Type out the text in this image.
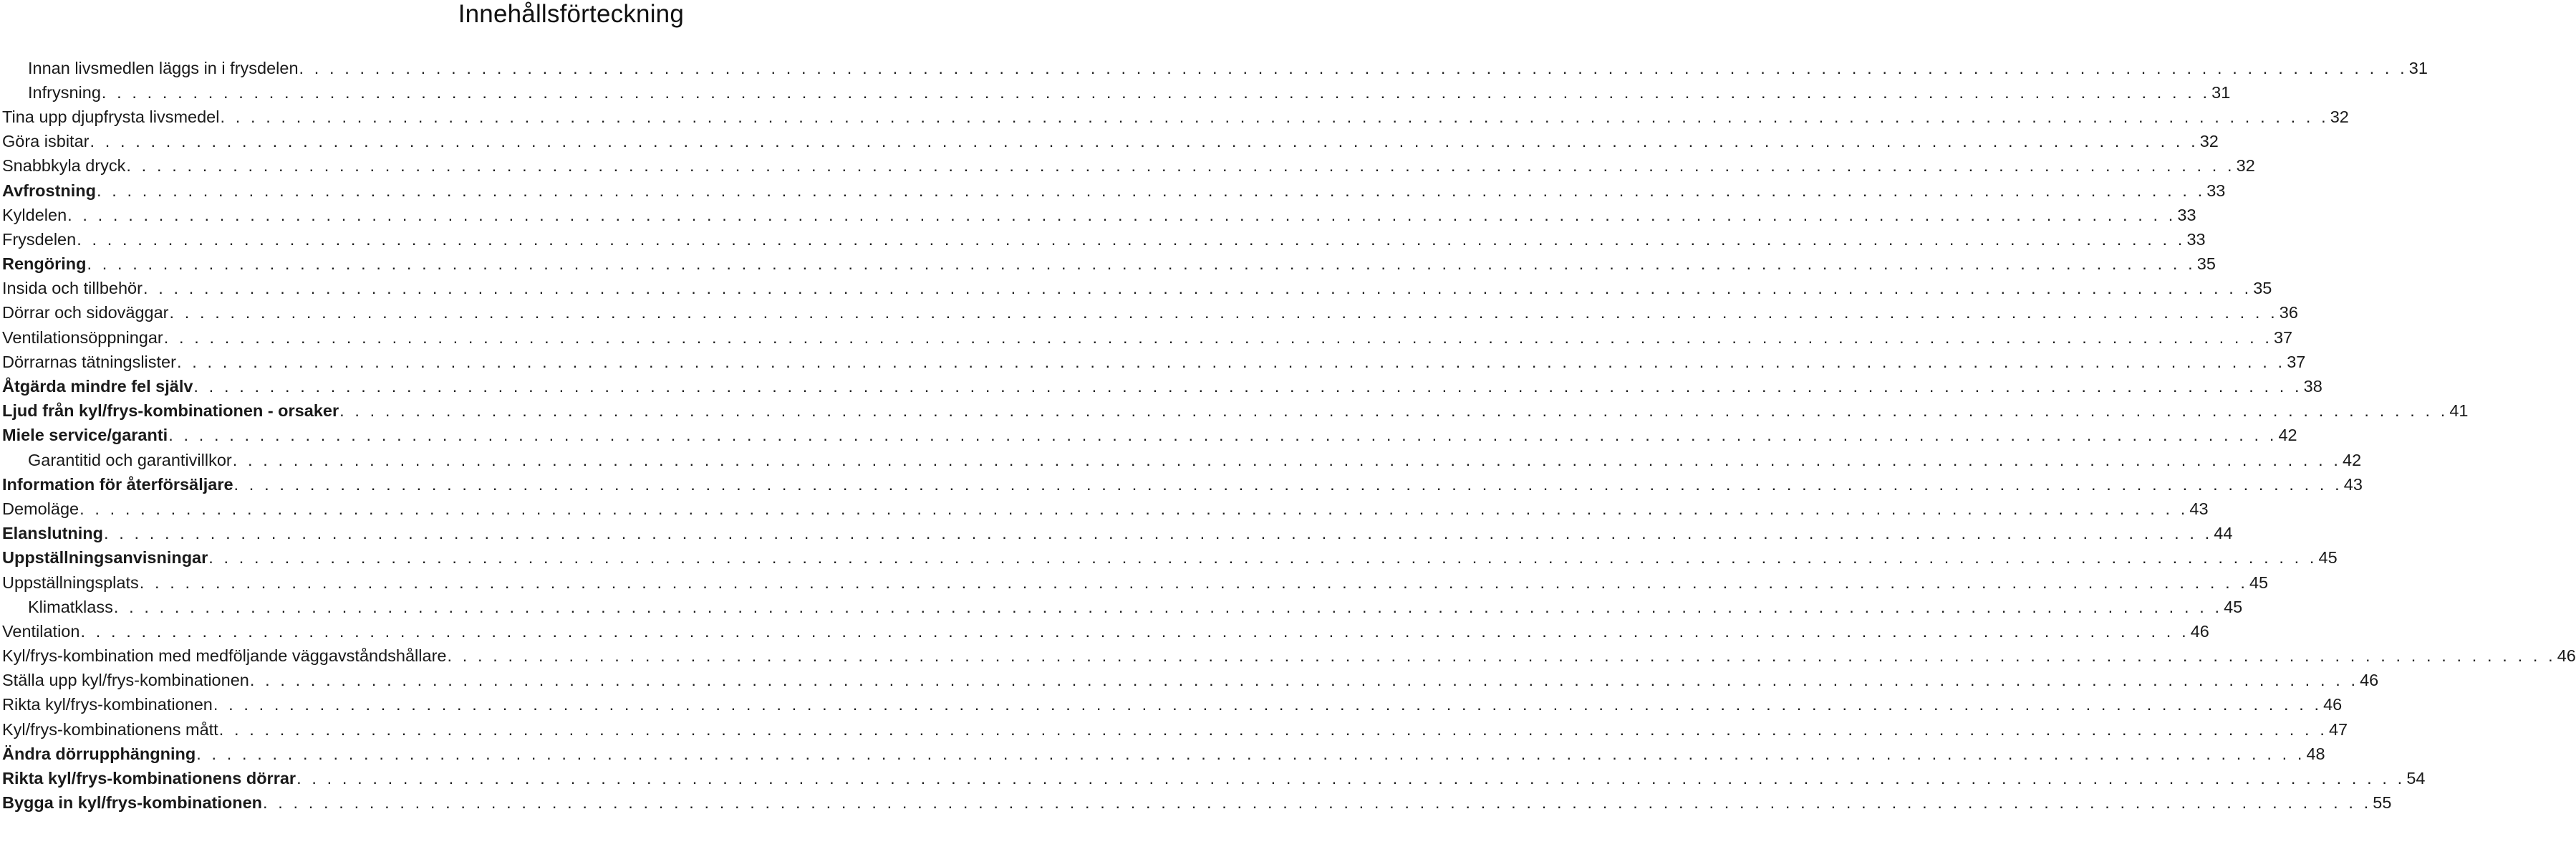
Innehållsförteckning
Innan livsmedlen läggs in i frysdelen . . . . . . . . . . . . . . . . . . . . . . . . . . . . . . . . . . . . . . . . . . . . . . . . . . . . . . . . . . . . . . . . . . . . . . . . . . . . . . . . . . . . . . . . . . . . . . . . . . . . . . . . . . . . . . . . . . . . . . . . . . . . . . . . . . . . . . . . . . . 31
Infrysning . . . . . . . . . . . . . . . . . . . . . . . . . . . . . . . . . . . . . . . . . . . . . . . . . . . . . . . . . . . . . . . . . . . . . . . . . . . . . . . . . . . . . . . . . . . . . . . . . . . . . . . . . . . . . . . . . . . . . . . . . . . . . . . . . . . . . . . . . . . 31
Tina upp djupfrysta livsmedel . . . . . . . . . . . . . . . . . . . . . . . . . . . . . . . . . . . . . . . . . . . . . . . . . . . . . . . . . . . . . . . . . . . . . . . . . . . . . . . . . . . . . . . . . . . . . . . . . . . . . . . . . . . . . . . . . . . . . . . . . . . . . . . . . . . . . . . . . . . 32
Göra isbitar . . . . . . . . . . . . . . . . . . . . . . . . . . . . . . . . . . . . . . . . . . . . . . . . . . . . . . . . . . . . . . . . . . . . . . . . . . . . . . . . . . . . . . . . . . . . . . . . . . . . . . . . . . . . . . . . . . . . . . . . . . . . . . . . . . . . . . . . . . . 32
Snabbkyla dryck . . . . . . . . . . . . . . . . . . . . . . . . . . . . . . . . . . . . . . . . . . . . . . . . . . . . . . . . . . . . . . . . . . . . . . . . . . . . . . . . . . . . . . . . . . . . . . . . . . . . . . . . . . . . . . . . . . . . . . . . . . . . . . . . . . . . . . . . . . . 32
Avfrostning . . . . . . . . . . . . . . . . . . . . . . . . . . . . . . . . . . . . . . . . . . . . . . . . . . . . . . . . . . . . . . . . . . . . . . . . . . . . . . . . . . . . . . . . . . . . . . . . . . . . . . . . . . . . . . . . . . . . . . . . . . . . . . . . . . . . . . . . . . . 33
Kyldelen . . . . . . . . . . . . . . . . . . . . . . . . . . . . . . . . . . . . . . . . . . . . . . . . . . . . . . . . . . . . . . . . . . . . . . . . . . . . . . . . . . . . . . . . . . . . . . . . . . . . . . . . . . . . . . . . . . . . . . . . . . . . . . . . . . . . . . . . . . . 33
Frysdelen . . . . . . . . . . . . . . . . . . . . . . . . . . . . . . . . . . . . . . . . . . . . . . . . . . . . . . . . . . . . . . . . . . . . . . . . . . . . . . . . . . . . . . . . . . . . . . . . . . . . . . . . . . . . . . . . . . . . . . . . . . . . . . . . . . . . . . . . . . . 33
Rengöring . . . . . . . . . . . . . . . . . . . . . . . . . . . . . . . . . . . . . . . . . . . . . . . . . . . . . . . . . . . . . . . . . . . . . . . . . . . . . . . . . . . . . . . . . . . . . . . . . . . . . . . . . . . . . . . . . . . . . . . . . . . . . . . . . . . . . . . . . . . 35
Insida och tillbehör . . . . . . . . . . . . . . . . . . . . . . . . . . . . . . . . . . . . . . . . . . . . . . . . . . . . . . . . . . . . . . . . . . . . . . . . . . . . . . . . . . . . . . . . . . . . . . . . . . . . . . . . . . . . . . . . . . . . . . . . . . . . . . . . . . . . . . . . . . . 35
Dörrar och sidoväggar . . . . . . . . . . . . . . . . . . . . . . . . . . . . . . . . . . . . . . . . . . . . . . . . . . . . . . . . . . . . . . . . . . . . . . . . . . . . . . . . . . . . . . . . . . . . . . . . . . . . . . . . . . . . . . . . . . . . . . . . . . . . . . . . . . . . . . . . . . . 36
Ventilationsöppningar . . . . . . . . . . . . . . . . . . . . . . . . . . . . . . . . . . . . . . . . . . . . . . . . . . . . . . . . . . . . . . . . . . . . . . . . . . . . . . . . . . . . . . . . . . . . . . . . . . . . . . . . . . . . . . . . . . . . . . . . . . . . . . . . . . . . . . . . . . . 37
Dörrarnas tätningslister . . . . . . . . . . . . . . . . . . . . . . . . . . . . . . . . . . . . . . . . . . . . . . . . . . . . . . . . . . . . . . . . . . . . . . . . . . . . . . . . . . . . . . . . . . . . . . . . . . . . . . . . . . . . . . . . . . . . . . . . . . . . . . . . . . . . . . . . . . . 37
Åtgärda mindre fel själv . . . . . . . . . . . . . . . . . . . . . . . . . . . . . . . . . . . . . . . . . . . . . . . . . . . . . . . . . . . . . . . . . . . . . . . . . . . . . . . . . . . . . . . . . . . . . . . . . . . . . . . . . . . . . . . . . . . . . . . . . . . . . . . . . . . . . . . . . . . 38
Ljud från kyl/frys-kombinationen - orsaker . . . . . . . . . . . . . . . . . . . . . . . . . . . . . . . . . . . . . . . . . . . . . . . . . . . . . . . . . . . . . . . . . . . . . . . . . . . . . . . . . . . . . . . . . . . . . . . . . . . . . . . . . . . . . . . . . . . . . . . . . . . . . . . . . . . . . . . . . . . 41
Miele service/garanti . . . . . . . . . . . . . . . . . . . . . . . . . . . . . . . . . . . . . . . . . . . . . . . . . . . . . . . . . . . . . . . . . . . . . . . . . . . . . . . . . . . . . . . . . . . . . . . . . . . . . . . . . . . . . . . . . . . . . . . . . . . . . . . . . . . . . . . . . . . 42
Garantitid och garantivillkor . . . . . . . . . . . . . . . . . . . . . . . . . . . . . . . . . . . . . . . . . . . . . . . . . . . . . . . . . . . . . . . . . . . . . . . . . . . . . . . . . . . . . . . . . . . . . . . . . . . . . . . . . . . . . . . . . . . . . . . . . . . . . . . . . . . . . . . . . . . 42
Information för återförsäljare . . . . . . . . . . . . . . . . . . . . . . . . . . . . . . . . . . . . . . . . . . . . . . . . . . . . . . . . . . . . . . . . . . . . . . . . . . . . . . . . . . . . . . . . . . . . . . . . . . . . . . . . . . . . . . . . . . . . . . . . . . . . . . . . . . . . . . . . . . . 43
Demoläge . . . . . . . . . . . . . . . . . . . . . . . . . . . . . . . . . . . . . . . . . . . . . . . . . . . . . . . . . . . . . . . . . . . . . . . . . . . . . . . . . . . . . . . . . . . . . . . . . . . . . . . . . . . . . . . . . . . . . . . . . . . . . . . . . . . . . . . . . . . 43
Elanslutning . . . . . . . . . . . . . . . . . . . . . . . . . . . . . . . . . . . . . . . . . . . . . . . . . . . . . . . . . . . . . . . . . . . . . . . . . . . . . . . . . . . . . . . . . . . . . . . . . . . . . . . . . . . . . . . . . . . . . . . . . . . . . . . . . . . . . . . . . . . 44
Uppställningsanvisningar . . . . . . . . . . . . . . . . . . . . . . . . . . . . . . . . . . . . . . . . . . . . . . . . . . . . . . . . . . . . . . . . . . . . . . . . . . . . . . . . . . . . . . . . . . . . . . . . . . . . . . . . . . . . . . . . . . . . . . . . . . . . . . . . . . . . . . . . . . . 45
Uppställningsplats . . . . . . . . . . . . . . . . . . . . . . . . . . . . . . . . . . . . . . . . . . . . . . . . . . . . . . . . . . . . . . . . . . . . . . . . . . . . . . . . . . . . . . . . . . . . . . . . . . . . . . . . . . . . . . . . . . . . . . . . . . . . . . . . . . . . . . . . . . . 45
Klimatklass . . . . . . . . . . . . . . . . . . . . . . . . . . . . . . . . . . . . . . . . . . . . . . . . . . . . . . . . . . . . . . . . . . . . . . . . . . . . . . . . . . . . . . . . . . . . . . . . . . . . . . . . . . . . . . . . . . . . . . . . . . . . . . . . . . . . . . . . . . . 45
Ventilation . . . . . . . . . . . . . . . . . . . . . . . . . . . . . . . . . . . . . . . . . . . . . . . . . . . . . . . . . . . . . . . . . . . . . . . . . . . . . . . . . . . . . . . . . . . . . . . . . . . . . . . . . . . . . . . . . . . . . . . . . . . . . . . . . . . . . . . . . . . 46
Kyl/frys-kombination med medföljande väggavståndshållare . . . . . . . . . . . . . . . . . . . . . . . . . . . . . . . . . . . . . . . . . . . . . . . . . . . . . . . . . . . . . . . . . . . . . . . . . . . . . . . . . . . . . . . . . . . . . . . . . . . . . . . . . . . . . . . . . . . . . . . . . . . . . . . . . . . . . . . . . . . 46
Ställa upp kyl/frys-kombinationen . . . . . . . . . . . . . . . . . . . . . . . . . . . . . . . . . . . . . . . . . . . . . . . . . . . . . . . . . . . . . . . . . . . . . . . . . . . . . . . . . . . . . . . . . . . . . . . . . . . . . . . . . . . . . . . . . . . . . . . . . . . . . . . . . . . . . . . . . . . 46
Rikta kyl/frys-kombinationen . . . . . . . . . . . . . . . . . . . . . . . . . . . . . . . . . . . . . . . . . . . . . . . . . . . . . . . . . . . . . . . . . . . . . . . . . . . . . . . . . . . . . . . . . . . . . . . . . . . . . . . . . . . . . . . . . . . . . . . . . . . . . . . . . . . . . . . . . . . 46
Kyl/frys-kombinationens mått . . . . . . . . . . . . . . . . . . . . . . . . . . . . . . . . . . . . . . . . . . . . . . . . . . . . . . . . . . . . . . . . . . . . . . . . . . . . . . . . . . . . . . . . . . . . . . . . . . . . . . . . . . . . . . . . . . . . . . . . . . . . . . . . . . . . . . . . . . . 47
Ändra dörrupphängning . . . . . . . . . . . . . . . . . . . . . . . . . . . . . . . . . . . . . . . . . . . . . . . . . . . . . . . . . . . . . . . . . . . . . . . . . . . . . . . . . . . . . . . . . . . . . . . . . . . . . . . . . . . . . . . . . . . . . . . . . . . . . . . . . . . . . . . . . . . 48
Rikta kyl/frys-kombinationens dörrar . . . . . . . . . . . . . . . . . . . . . . . . . . . . . . . . . . . . . . . . . . . . . . . . . . . . . . . . . . . . . . . . . . . . . . . . . . . . . . . . . . . . . . . . . . . . . . . . . . . . . . . . . . . . . . . . . . . . . . . . . . . . . . . . . . . . . . . . . . . 54
Bygga in kyl/frys-kombinationen . . . . . . . . . . . . . . . . . . . . . . . . . . . . . . . . . . . . . . . . . . . . . . . . . . . . . . . . . . . . . . . . . . . . . . . . . . . . . . . . . . . . . . . . . . . . . . . . . . . . . . . . . . . . . . . . . . . . . . . . . . . . . . . . . . . . . . . . . . . 55
